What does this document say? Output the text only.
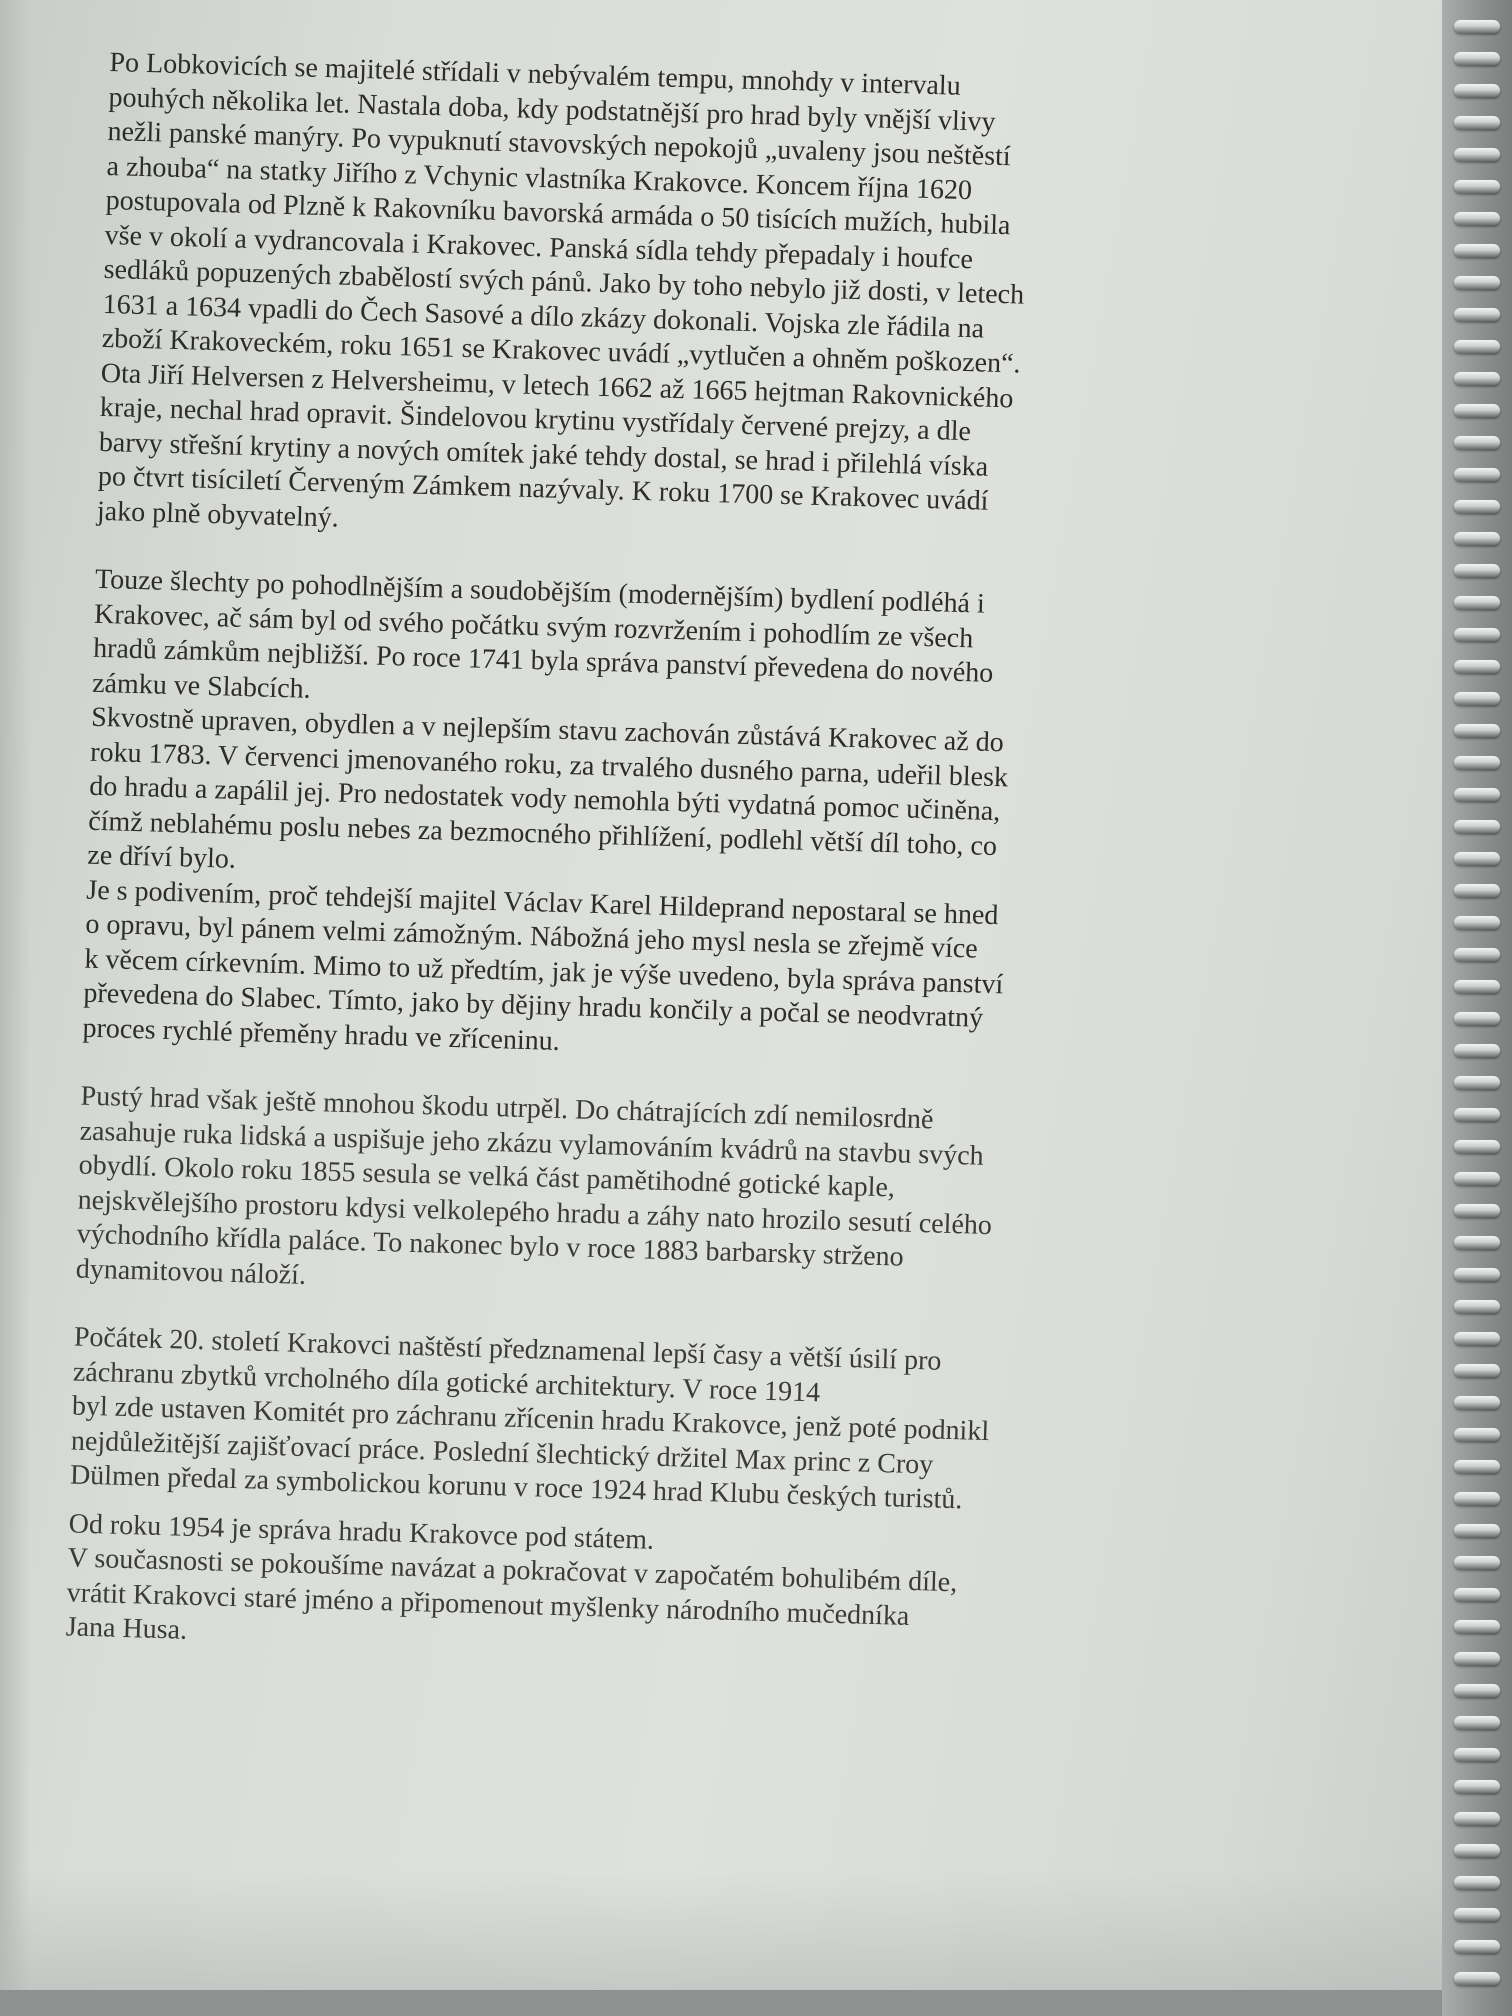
Po Lobkovicích se majitelé střídali v nebývalém tempu, mnohdy v intervalu
pouhých několika let. Nastala doba, kdy podstatnější pro hrad byly vnější vlivy
nežli panské manýry. Po vypuknutí stavovských nepokojů „uvaleny jsou neštěstí
a zhouba“ na statky Jiřího z Vchynic vlastníka Krakovce. Koncem října 1620
postupovala od Plzně k Rakovníku bavorská armáda o 50 tisících mužích, hubila
vše v okolí a vydrancovala i Krakovec. Panská sídla tehdy přepadaly i houfce
sedláků popuzených zbabělostí svých pánů. Jako by toho nebylo již dosti, v letech
1631 a 1634 vpadli do Čech Sasové a dílo zkázy dokonali. Vojska zle řádila na
zboží Krakoveckém, roku 1651 se Krakovec uvádí „vytlučen a ohněm poškozen“.
Ota Jiří Helversen z Helversheimu, v letech 1662 až 1665 hejtman Rakovnického
kraje, nechal hrad opravit. Šindelovou krytinu vystřídaly červené prejzy, a dle
barvy střešní krytiny a nových omítek jaké tehdy dostal, se hrad i přilehlá víska
po čtvrt tisíciletí Červeným Zámkem nazývaly. K roku 1700 se Krakovec uvádí
jako plně obyvatelný.

Touze šlechty po pohodlnějším a soudobějším (modernějším) bydlení podléhá i
Krakovec, ač sám byl od svého počátku svým rozvržením i pohodlím ze všech
hradů zámkům nejbližší. Po roce 1741 byla správa panství převedena do nového
zámku ve Slabcích.
Skvostně upraven, obydlen a v nejlepším stavu zachován zůstává Krakovec až do
roku 1783. V červenci jmenovaného roku, za trvalého dusného parna, udeřil blesk
do hradu a zapálil jej. Pro nedostatek vody nemohla býti vydatná pomoc učiněna,
čímž neblahému poslu nebes za bezmocného přihlížení, podlehl větší díl toho, co
ze dříví bylo.
Je s podivením, proč tehdejší majitel Václav Karel Hildeprand nepostaral se hned
o opravu, byl pánem velmi zámožným. Nábožná jeho mysl nesla se zřejmě více
k věcem církevním. Mimo to už předtím, jak je výše uvedeno, byla správa panství
převedena do Slabec. Tímto, jako by dějiny hradu končily a počal se neodvratný
proces rychlé přeměny hradu ve zříceninu.

Pustý hrad však ještě mnohou škodu utrpěl. Do chátrajících zdí nemilosrdně
zasahuje ruka lidská a uspišuje jeho zkázu vylamováním kvádrů na stavbu svých
obydlí. Okolo roku 1855 sesula se velká část pamětihodné gotické kaple,
nejskvělejšího prostoru kdysi velkolepého hradu a záhy nato hrozilo sesutí celého
východního křídla paláce. To nakonec bylo v roce 1883 barbarsky strženo
dynamitovou náloží.

Počátek 20. století Krakovci naštěstí předznamenal lepší časy a větší úsilí pro
záchranu zbytků vrcholného díla gotické architektury. V roce 1914
byl zde ustaven Komitét pro záchranu zřícenin hradu Krakovce, jenž poté podnikl
nejdůležitější zajišťovací práce. Poslední šlechtický držitel Max princ z Croy
Dülmen předal za symbolickou korunu v roce 1924 hrad Klubu českých turistů.

Od roku 1954 je správa hradu Krakovce pod státem.
V současnosti se pokoušíme navázat a pokračovat v započatém bohulibém díle,
vrátit Krakovci staré jméno a připomenout myšlenky národního mučedníka
Jana Husa.
